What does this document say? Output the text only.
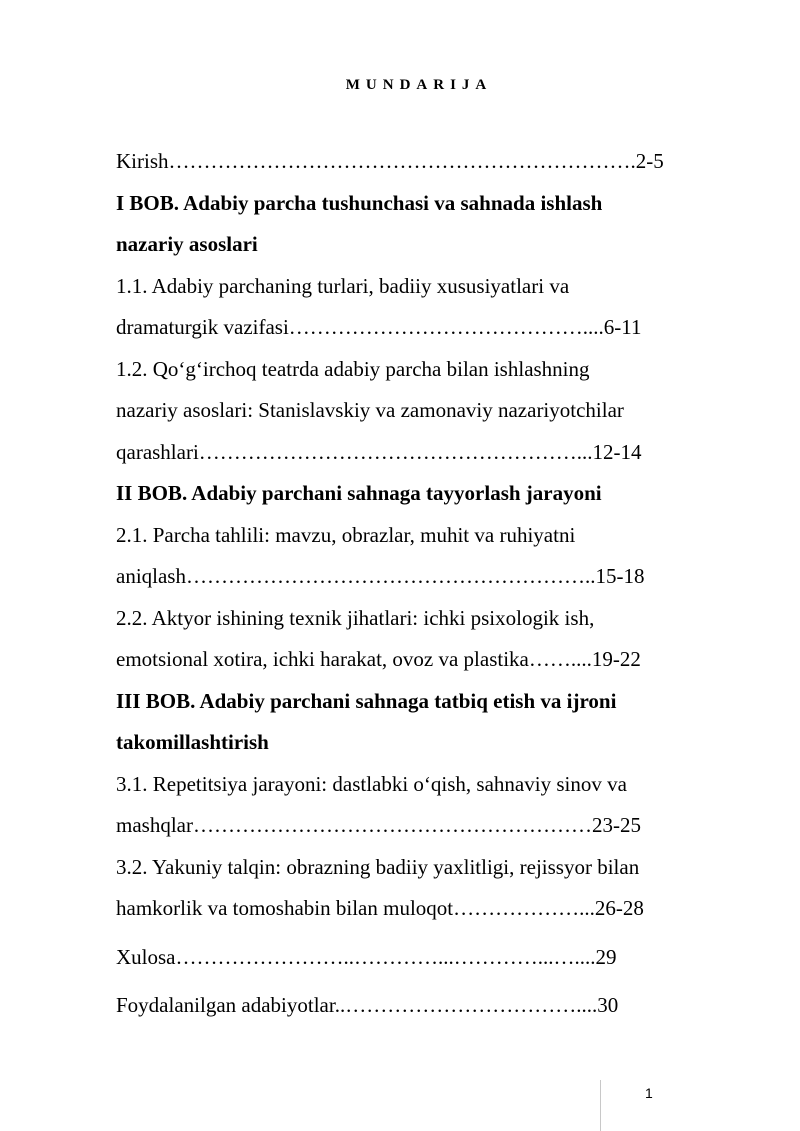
MUNDARIJA
Kirish………………………………………………………….2-5
I BOB. Adabiy parcha tushunchasi va sahnada ishlash
nazariy asoslari
1.1. Adabiy parchaning turlari, badiiy xususiyatlari va
dramaturgik vazifasi……………………………………....6-11
1.2. Qo‘g‘irchoq teatrda adabiy parcha bilan ishlashning
nazariy asoslari: Stanislavskiy va zamonaviy nazariyotchilar
qarashlari………………………………………………...12-14
II BOB. Adabiy parchani sahnaga tayyorlash jarayoni
2.1. Parcha tahlili: mavzu, obrazlar, muhit va ruhiyatni
aniqlash…………………………………………………..15-18
2.2. Aktyor ishining texnik jihatlari: ichki psixologik ish,
emotsional xotira, ichki harakat, ovoz va plastika……....19-22
III BOB. Adabiy parchani sahnaga tatbiq etish va ijroni
takomillashtirish
3.1. Repetitsiya jarayoni: dastlabki o‘qish, sahnaviy sinov va
mashqlar…………………………………………………23-25
3.2. Yakuniy talqin: obrazning badiiy yaxlitligi, rejissyor bilan
hamkorlik va tomoshabin bilan muloqot………………...26-28
Xulosa……………………..…………...…………...…....29
Foydalanilgan adabiyotlar..……………………………....30
1
